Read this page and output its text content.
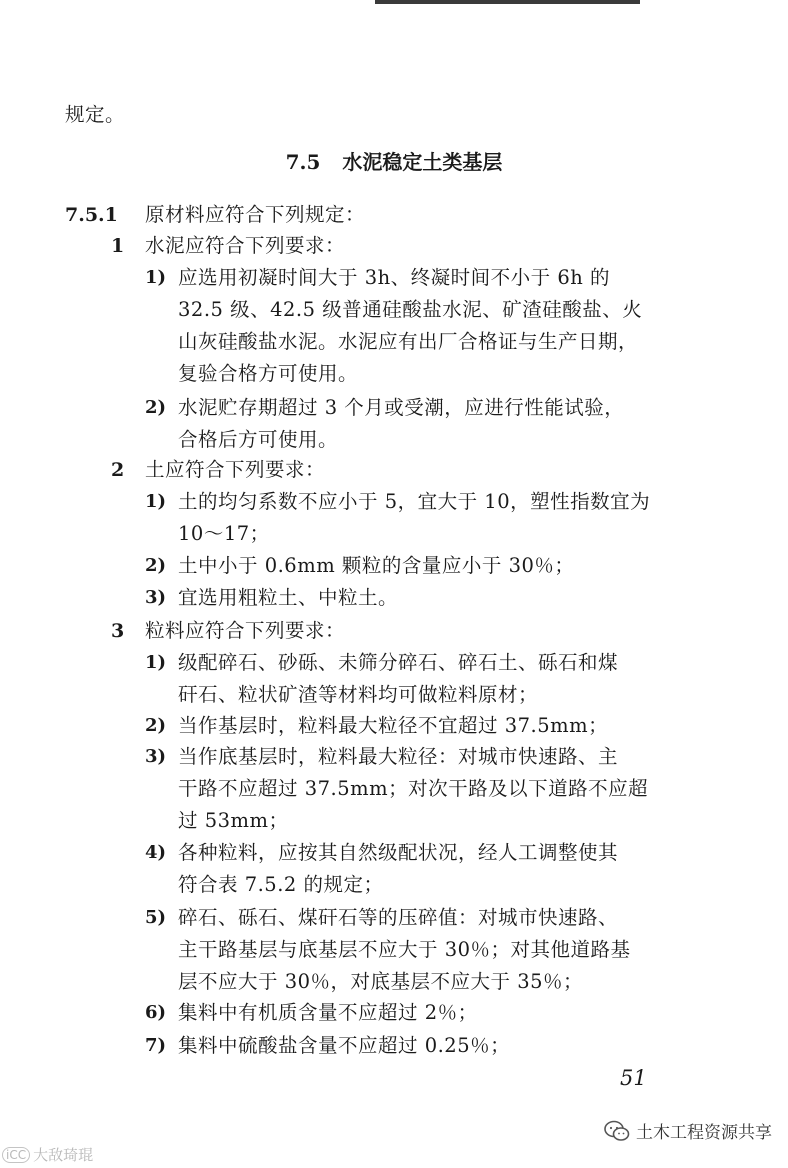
规定。
7.5 水泥稳定土类基层
7.5.1 原材料应符合下列规定：
1 水泥应符合下列要求：
1) 应选用初凝时间大于 3h、终凝时间不小于 6h 的
32.5 级、42.5 级普通硅酸盐水泥、矿渣硅酸盐、火
山灰硅酸盐水泥。水泥应有出厂合格证与生产日期，
复验合格方可使用。
2) 水泥贮存期超过 3 个月或受潮，应进行性能试验，
合格后方可使用。
2 土应符合下列要求：
1) 土的均匀系数不应小于 5，宜大于 10，塑性指数宜为
10～17；
2) 土中小于 0.6mm 颗粒的含量应小于 30％；
3) 宜选用粗粒土、中粒土。
3 粒料应符合下列要求：
1) 级配碎石、砂砾、未筛分碎石、碎石土、砾石和煤
矸石、粒状矿渣等材料均可做粒料原材；
2) 当作基层时，粒料最大粒径不宜超过 37.5mm；
3) 当作底基层时，粒料最大粒径：对城市快速路、主
干路不应超过 37.5mm；对次干路及以下道路不应超
过 53mm；
4) 各种粒料，应按其自然级配状况，经人工调整使其
符合表 7.5.2 的规定；
5) 碎石、砾石、煤矸石等的压碎值：对城市快速路、
主干路基层与底基层不应大于 30％；对其他道路基
层不应大于 30％，对底基层不应大于 35％；
6) 集料中有机质含量不应超过 2％；
7) 集料中硫酸盐含量不应超过 0.25％；
51
iCC 大敌琦琨
土木工程资源共享
